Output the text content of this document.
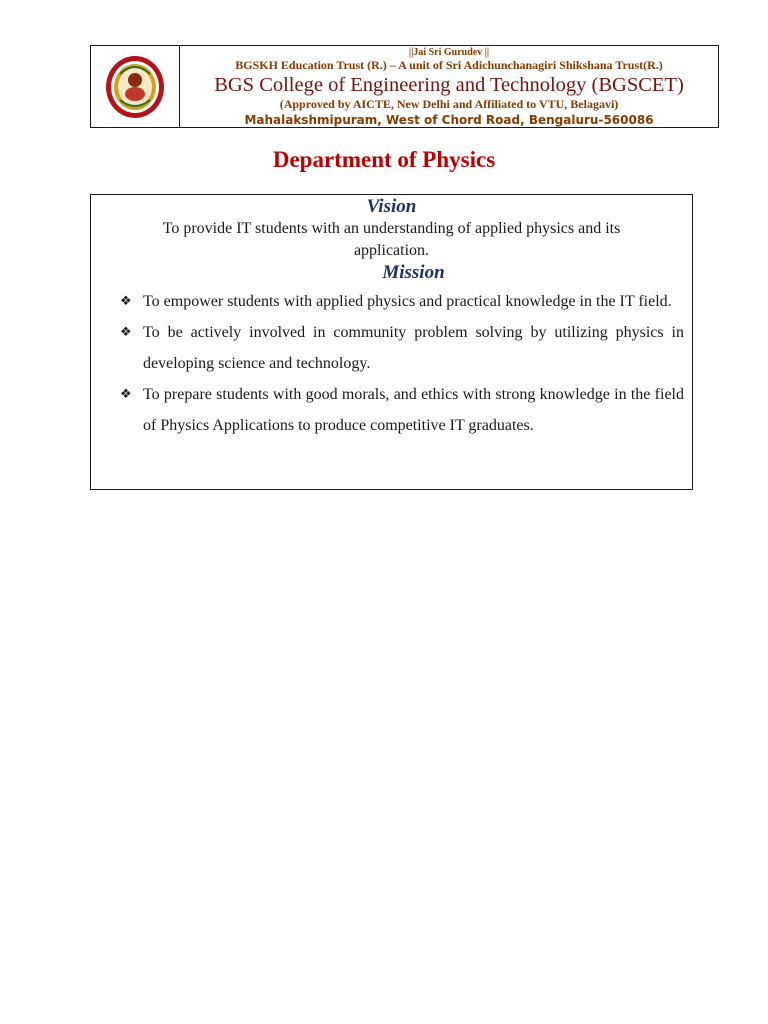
||Jai Sri Gurudev ||
BGSKH Education Trust (R.) – A unit of Sri Adichunchanagiri Shikshana Trust(R.)
BGS College of Engineering and Technology (BGSCET)
(Approved by AICTE, New Delhi and Affiliated to VTU, Belagavi)
Mahalakshmipuram, West of Chord Road, Bengaluru-560086
Department of Physics
Vision
To provide IT students with an understanding of applied physics and its application.
Mission
❖ To empower students with applied physics and practical knowledge in the IT field.
❖ To be actively involved in community problem solving by utilizing physics in developing science and technology.
❖ To prepare students with good morals, and ethics with strong knowledge in the field of Physics Applications to produce competitive IT graduates.
